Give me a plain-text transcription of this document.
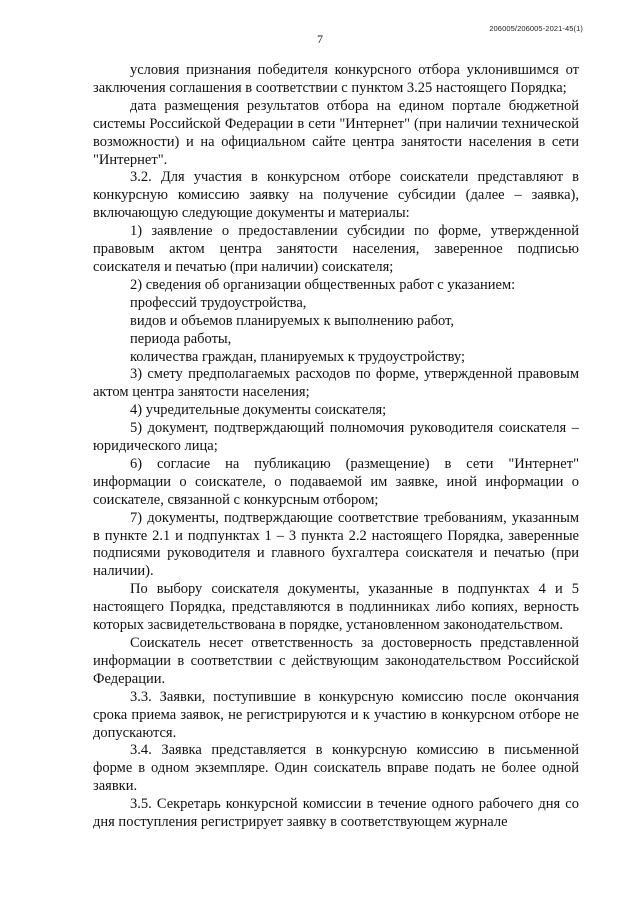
206005/206005-2021-45(1)
7

условия признания победителя конкурсного отбора уклонившимся от заключения соглашения в соответствии с пунктом 3.25 настоящего Порядка;

дата размещения результатов отбора на едином портале бюджетной системы Российской Федерации в сети "Интернет" (при наличии технической возможности) и на официальном сайте центра занятости населения в сети "Интернет".

3.2. Для участия в конкурсном отборе соискатели представляют в конкурсную комиссию заявку на получение субсидии (далее – заявка), включающую следующие документы и материалы:

1) заявление о предоставлении субсидии по форме, утвержденной правовым актом центра занятости населения, заверенное подписью соискателя и печатью (при наличии) соискателя;

2) сведения об организации общественных работ с указанием:

профессий трудоустройства,

видов и объемов планируемых к выполнению работ,

периода работы,

количества граждан, планируемых к трудоустройству;

3) смету предполагаемых расходов по форме, утвержденной правовым актом центра занятости населения;

4) учредительные документы соискателя;

5) документ, подтверждающий полномочия руководителя соискателя – юридического лица;

6) согласие на публикацию (размещение) в сети "Интернет" информации о соискателе, о подаваемой им заявке, иной информации о соискателе, связанной с конкурсным отбором;

7) документы, подтверждающие соответствие требованиям, указанным в пункте 2.1 и подпунктах 1 – 3 пункта 2.2 настоящего Порядка, заверенные подписями руководителя и главного бухгалтера соискателя и печатью (при наличии).

По выбору соискателя документы, указанные в подпунктах 4 и 5 настоящего Порядка, представляются в подлинниках либо копиях, верность которых засвидетельствована в порядке, установленном законодательством.

Соискатель несет ответственность за достоверность представленной информации в соответствии с действующим законодательством Российской Федерации.

3.3. Заявки, поступившие в конкурсную комиссию после окончания срока приема заявок, не регистрируются и к участию в конкурсном отборе не допускаются.

3.4. Заявка представляется в конкурсную комиссию в письменной форме в одном экземпляре. Один соискатель вправе подать не более одной заявки.

3.5. Секретарь конкурсной комиссии в течение одного рабочего дня со дня поступления регистрирует заявку в соответствующем журнале
